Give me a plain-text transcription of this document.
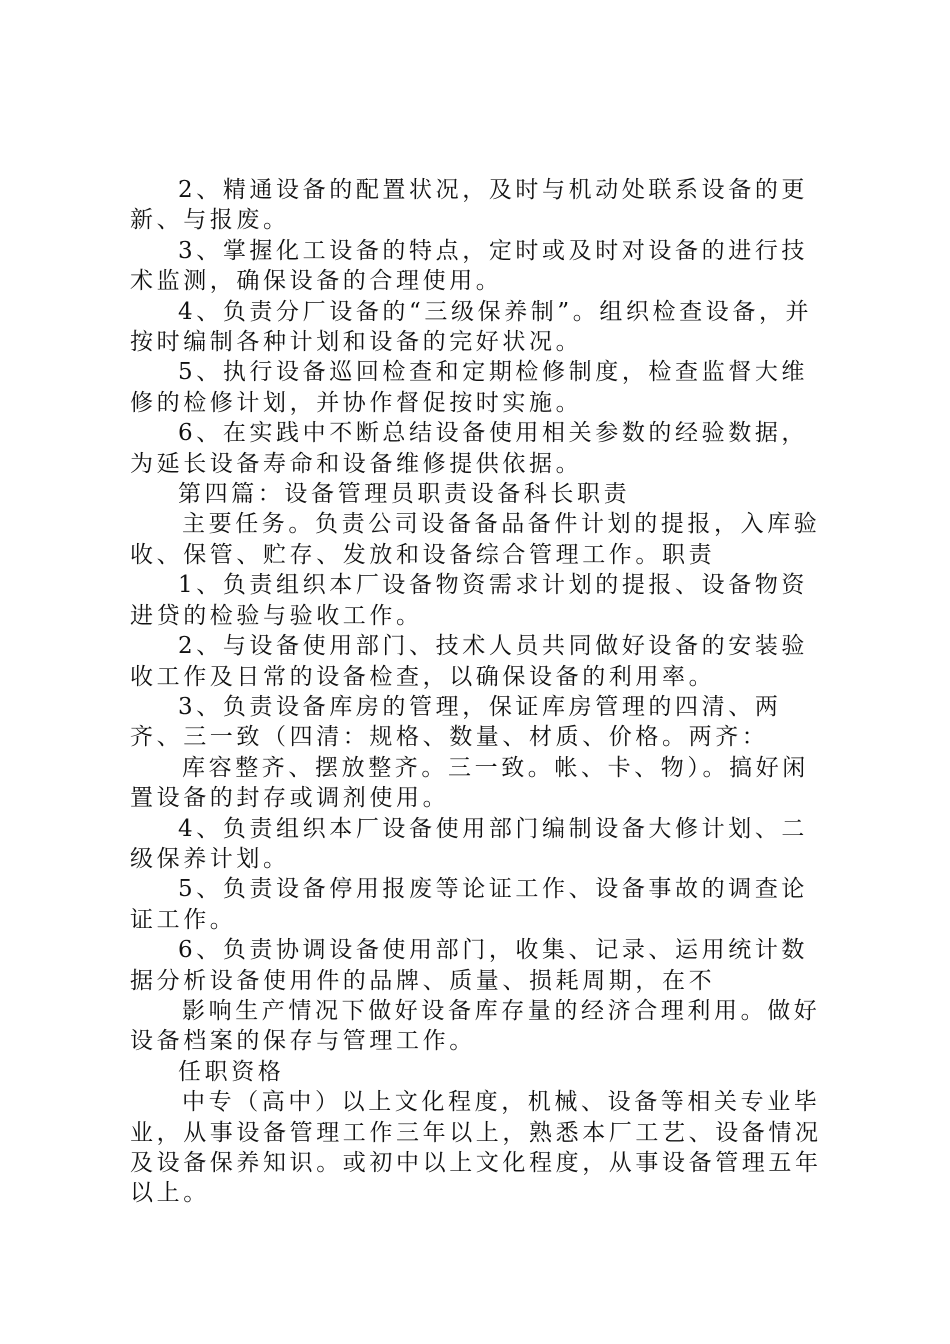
2、精通设备的配置状况，及时与机动处联系设备的更新、与报废。

3、掌握化工设备的特点，定时或及时对设备的进行技术监测，确保设备的合理使用。

4、负责分厂设备的“三级保养制”。组织检查设备，并按时编制各种计划和设备的完好状况。

5、执行设备巡回检查和定期检修制度，检查监督大维修的检修计划，并协作督促按时实施。

6、在实践中不断总结设备使用相关参数的经验数据，为延长设备寿命和设备维修提供依据。

第四篇：设备管理员职责设备科长职责

主要任务。负责公司设备备品备件计划的提报，入库验收、保管、贮存、发放和设备综合管理工作。职责

1、负责组织本厂设备物资需求计划的提报、设备物资进贷的检验与验收工作。

2、与设备使用部门、技术人员共同做好设备的安装验收工作及日常的设备检查，以确保设备的利用率。

3、负责设备库房的管理，保证库房管理的四清、两齐、三一致（四清：规格、数量、材质、价格。两齐：

库容整齐、摆放整齐。三一致。帐、卡、物）。搞好闲置设备的封存或调剂使用。

4、负责组织本厂设备使用部门编制设备大修计划、二级保养计划。

5、负责设备停用报废等论证工作、设备事故的调查论证工作。

6、负责协调设备使用部门，收集、记录、运用统计数据分析设备使用件的品牌、质量、损耗周期，在不

影响生产情况下做好设备库存量的经济合理利用。做好设备档案的保存与管理工作。

任职资格

中专（高中）以上文化程度，机械、设备等相关专业毕业，从事设备管理工作三年以上，熟悉本厂工艺、设备情况及设备保养知识。或初中以上文化程度，从事设备管理五年以上。
